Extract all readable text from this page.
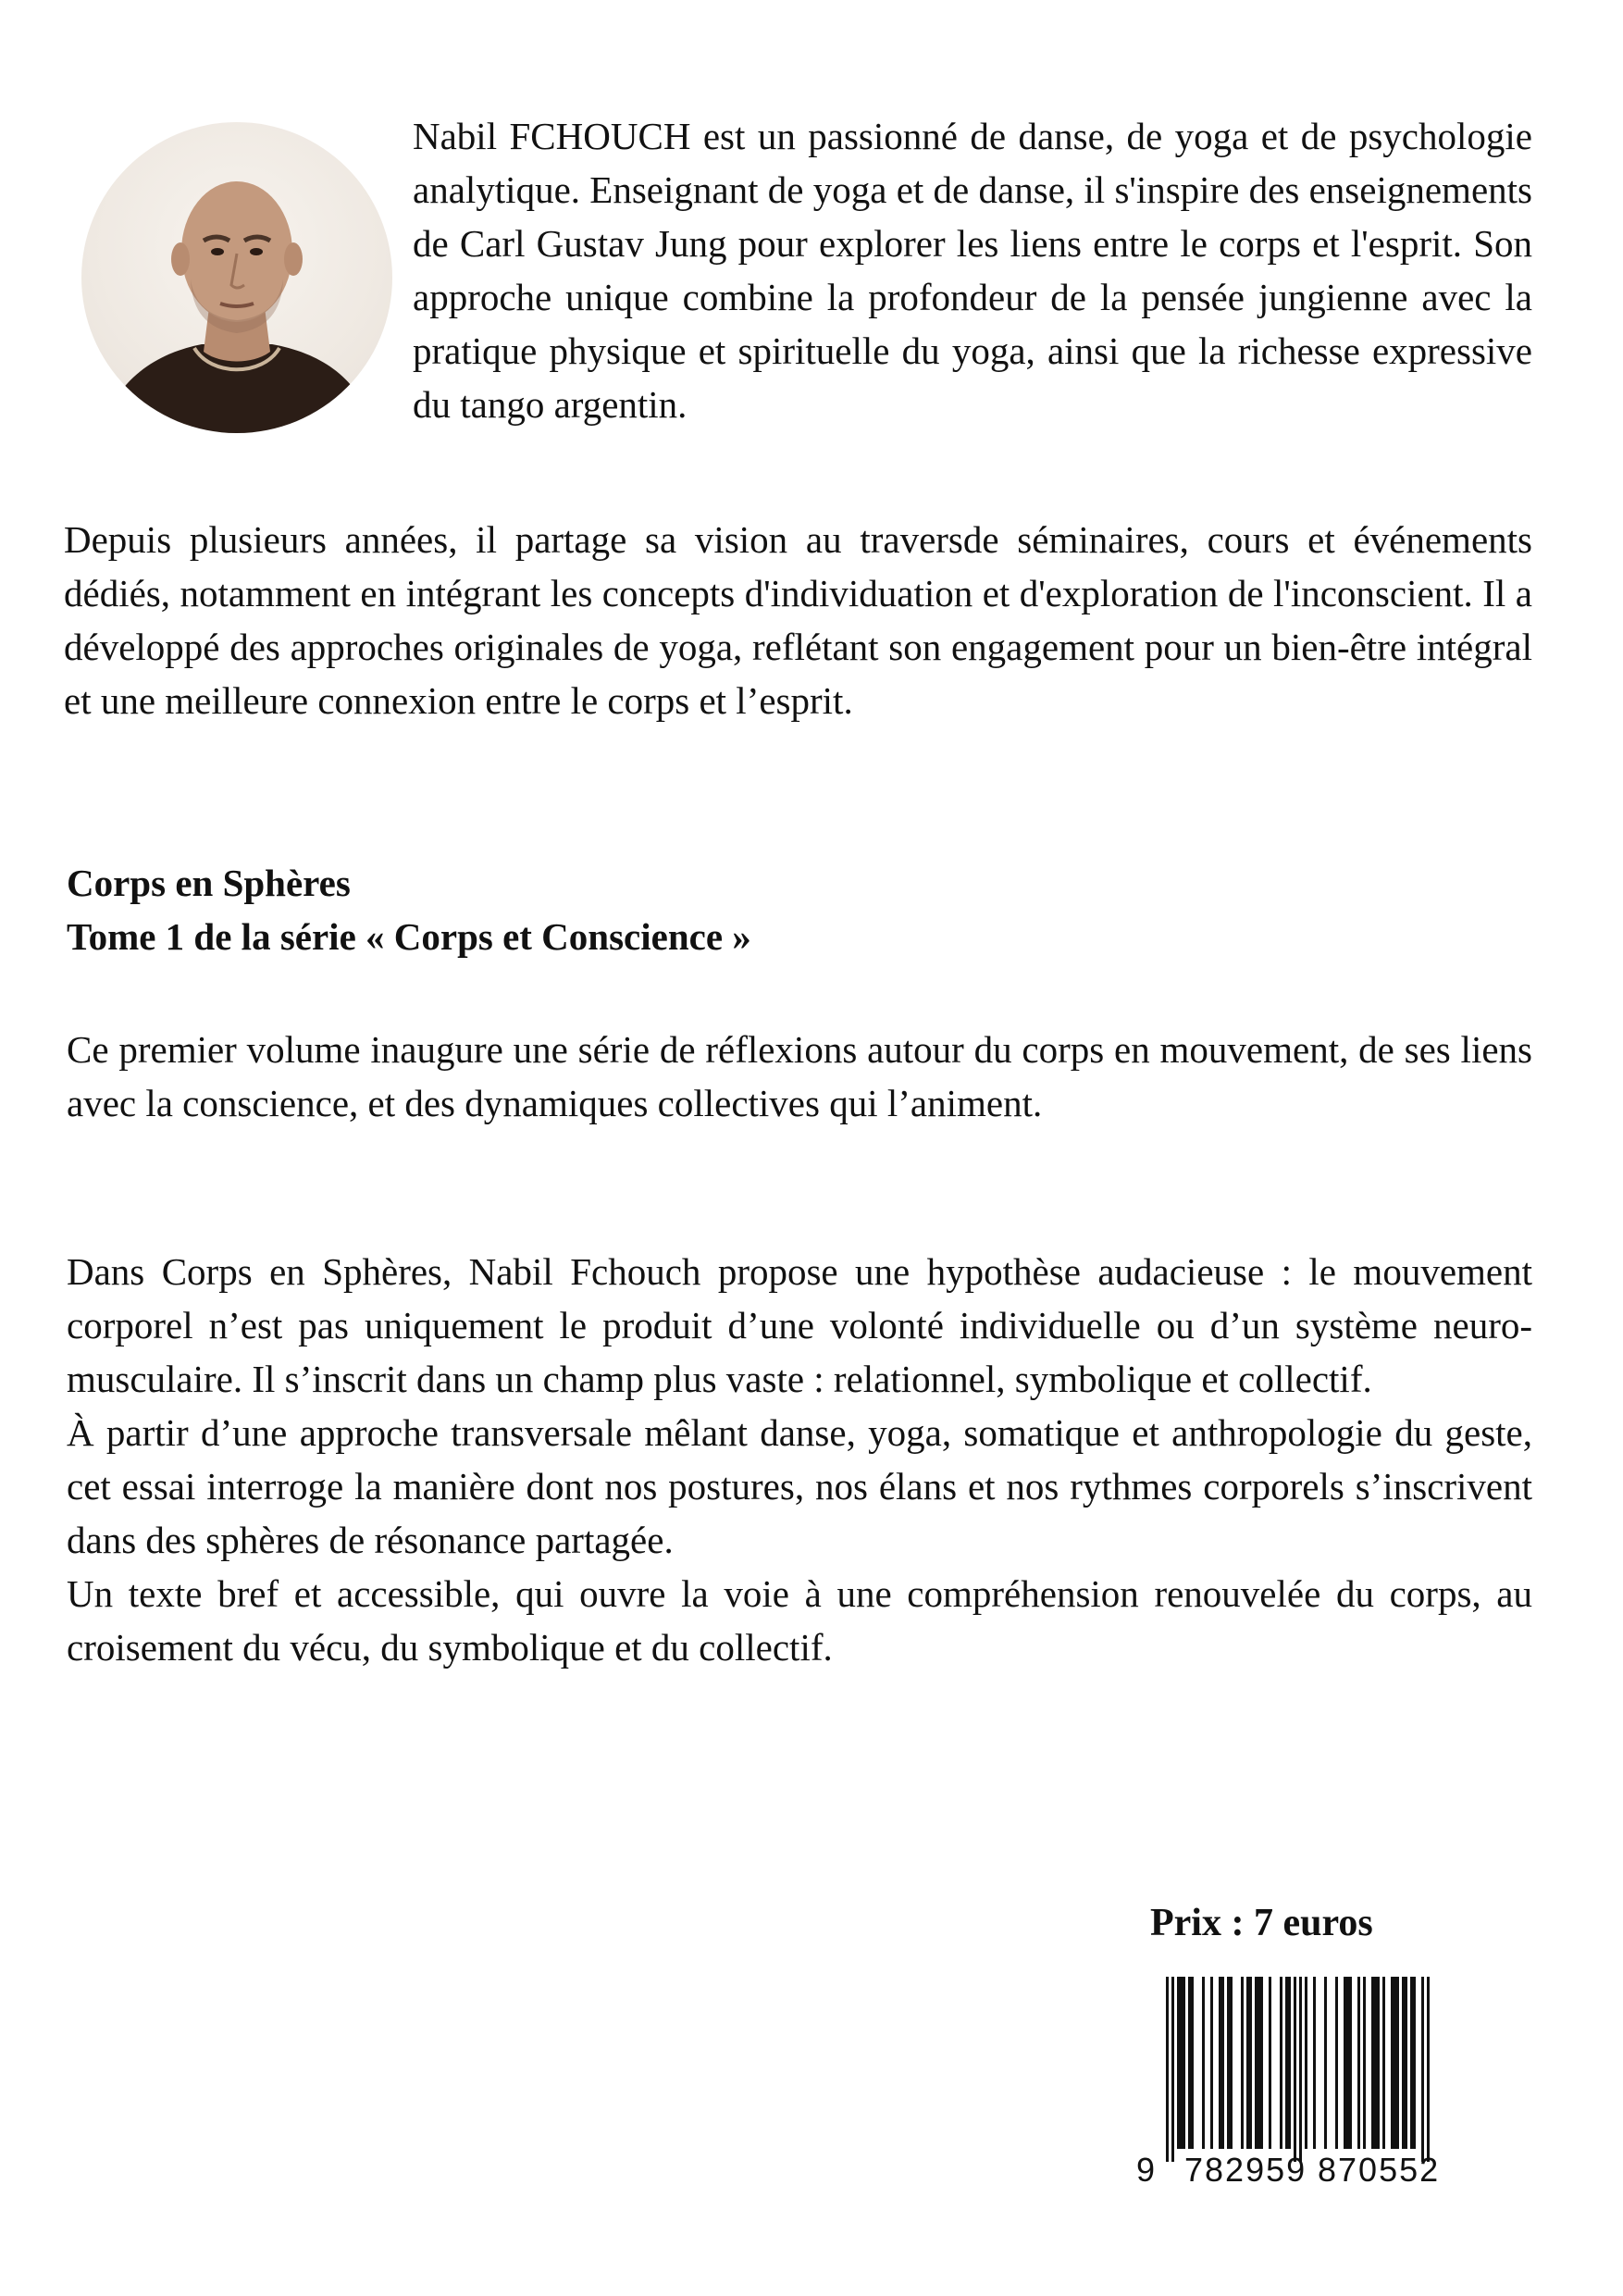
Nabil FCHOUCH est un passionné de danse, de yoga et de psychologie analytique. Enseignant de yoga et de danse, il s'inspire des enseignements de Carl Gustav Jung pour explorer les liens entre le corps et l'esprit. Son approche unique combine la profondeur de la pensée jungienne avec la pratique physique et spirituelle du yoga, ainsi que la richesse expressive du tango argentin.

Depuis plusieurs années, il partage sa vision au traversde séminaires, cours et événements dédiés, notamment en intégrant les concepts d'individuation et d'exploration de l'inconscient. Il a développé des approches originales de yoga, reflétant son engagement pour un bien-être intégral et une meilleure connexion entre le corps et l’esprit.

Corps en Sphères

Tome 1 de la série « Corps et Conscience »

Ce premier volume inaugure une série de réflexions autour du corps en mouvement, de ses liens avec la conscience, et des dynamiques collectives qui l’animent.

Dans Corps en Sphères, Nabil Fchouch propose une hypothèse audacieuse : le mouvement corporel n’est pas uniquement le produit d’une volonté individuelle ou d’un système neuro-musculaire. Il s’inscrit dans un champ plus vaste : relationnel, symbolique et collectif.
À partir d’une approche transversale mêlant danse, yoga, somatique et anthropologie du geste, cet essai interroge la manière dont nos postures, nos élans et nos rythmes corporels s’inscrivent dans des sphères de résonance partagée.
Un texte bref et accessible, qui ouvre la voie à une compréhension renouvelée du corps, au croisement du vécu, du symbolique et du collectif.

Prix : 7 euros

9 782959 870552
